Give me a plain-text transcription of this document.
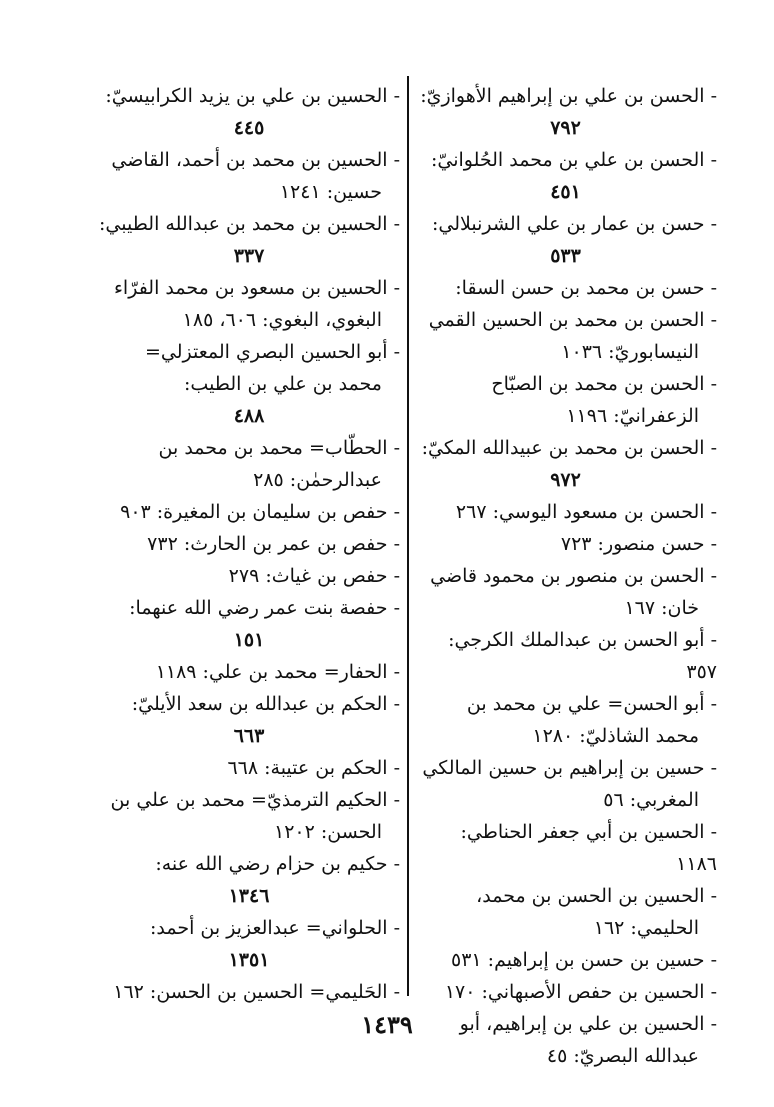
- الحسن بن علي بن إبراهيم الأهوازيّ:

٧٩٢

- الحسن بن علي بن محمد الحُلوانيّ:

٤٥١

- حسن بن عمار بن علي الشرنبلالي:

٥٣٣

- حسن بن محمد بن حسن السقا:

- الحسن بن محمد بن الحسين القمي

النيسابوريّ: ١٠٣٦

- الحسن بن محمد بن الصبّاح

الزعفرانيّ: ١١٩٦

- الحسن بن محمد بن عبيدالله المكيّ:

٩٧٢

- الحسن بن مسعود اليوسي: ٢٦٧

- حسن منصور: ٧٢٣

- الحسن بن منصور بن محمود قاضي

خان: ١٦٧

- أبو الحسن بن عبدالملك الكرجي: ٣٥٧

- أبو الحسن= علي بن محمد بن

محمد الشاذليّ: ١٢٨٠

- حسين بن إبراهيم بن حسين المالكي

المغربي: ٥٦

- الحسين بن أبي جعفر الحناطي: ١١٨٦

- الحسين بن الحسن بن محمد،

الحليمي: ١٦٢

- حسين بن حسن بن إبراهيم: ٥٣١

- الحسين بن حفص الأصبهاني: ١٧٠

- الحسين بن علي بن إبراهيم، أبو

عبدالله البصريّ: ٤٥

- الحسين بن علي بن يزيد الكرابيسيّ:

٤٤٥

- الحسين بن محمد بن أحمد، القاضي

حسين: ١٢٤١

- الحسين بن محمد بن عبدالله الطيبي:

٣٣٧

- الحسين بن مسعود بن محمد الفرّاء

البغوي، البغوي: ٦٠٦، ١٨٥

- أبو الحسين البصري المعتزلي=

محمد بن علي بن الطيب:

٤٨٨

- الحطّاب= محمد بن محمد بن

عبدالرحمٰن: ٢٨٥

- حفص بن سليمان بن المغيرة: ٩٠٣

- حفص بن عمر بن الحارث: ٧٣٢

- حفص بن غياث: ٢٧٩

- حفصة بنت عمر رضي الله عنهما:

١٥١

- الحفار= محمد بن علي: ١١٨٩

- الحكم بن عبدالله بن سعد الأيليّ:

٦٦٣

- الحكم بن عتيبة: ٦٦٨

- الحكيم الترمذيّ= محمد بن علي بن

الحسن: ١٢٠٢

- حكيم بن حزام رضي الله عنه:

١٣٤٦

- الحلواني= عبدالعزيز بن أحمد:

١٣٥١

- الحَليمي= الحسين بن الحسن: ١٦٢

١٤٣٩
